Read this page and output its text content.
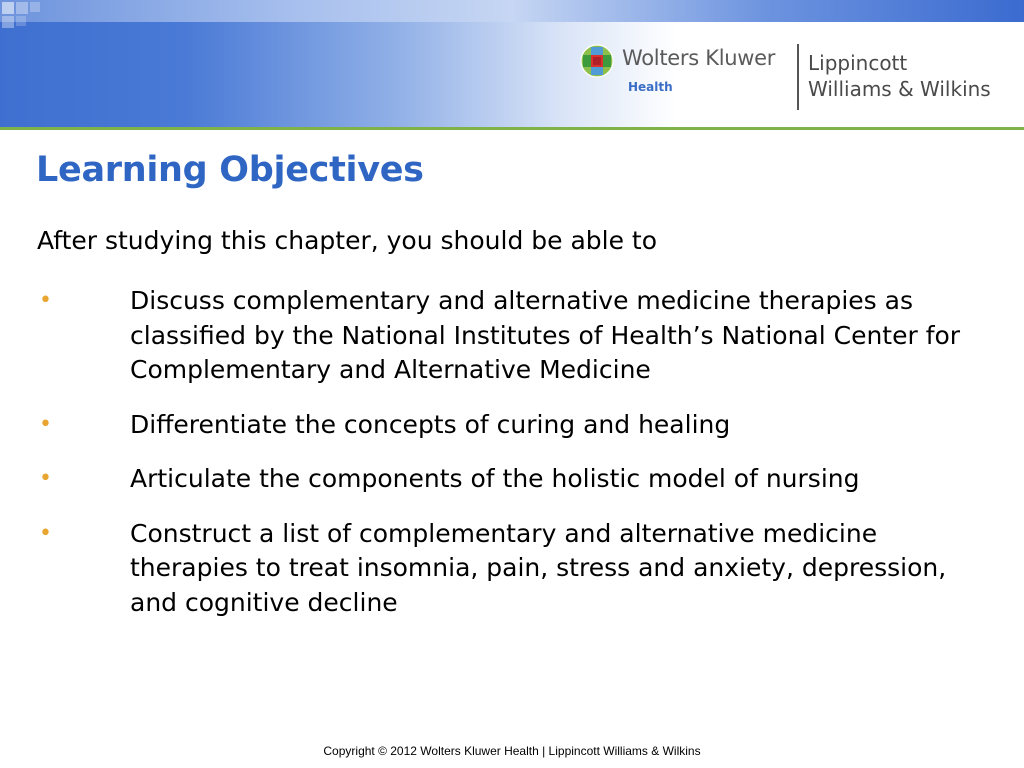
Wolters Kluwer
Health
Lippincott
Williams & Wilkins
Learning Objectives
After studying this chapter, you should be able to
•	Discuss complementary and alternative medicine therapies as classified by the National Institutes of Health’s National Center for Complementary and Alternative Medicine
•	Differentiate the concepts of curing and healing
•	Articulate the components of the holistic model of nursing
•	Construct a list of complementary and alternative medicine therapies to treat insomnia, pain, stress and anxiety, depression, and cognitive decline
Copyright © 2012 Wolters Kluwer Health | Lippincott Williams & Wilkins
